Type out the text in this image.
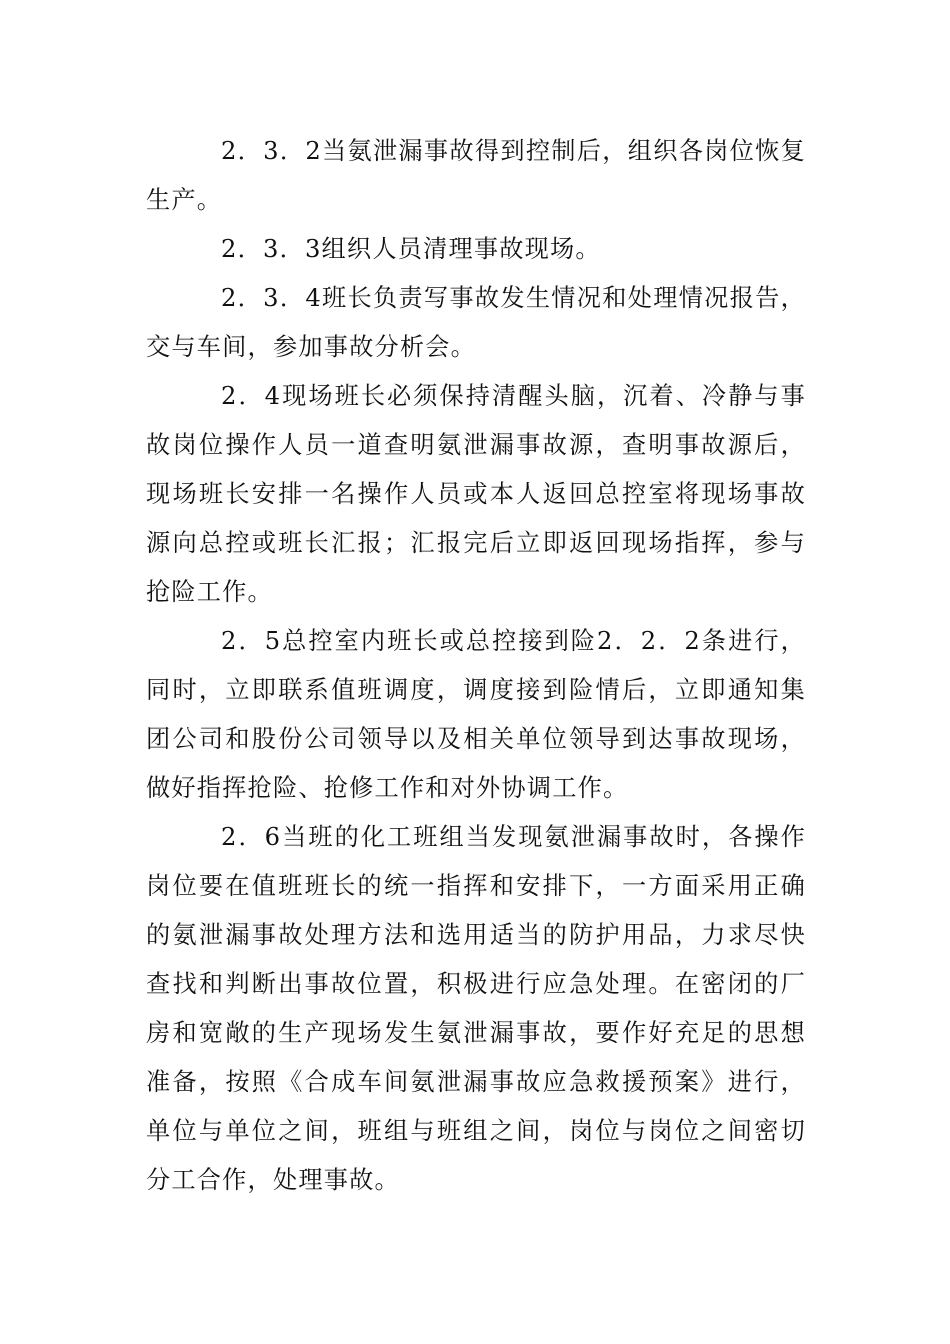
2．3．2当氨泄漏事故得到控制后，组织各岗位恢复生产。

2．3．3组织人员清理事故现场。

2．3．4班长负责写事故发生情况和处理情况报告，交与车间，参加事故分析会。

2．4现场班长必须保持清醒头脑，沉着、冷静与事故岗位操作人员一道查明氨泄漏事故源，查明事故源后，现场班长安排一名操作人员或本人返回总控室将现场事故源向总控或班长汇报；汇报完后立即返回现场指挥，参与抢险工作。

2．5总控室内班长或总控接到险2．2．2条进行，同时，立即联系值班调度，调度接到险情后，立即通知集团公司和股份公司领导以及相关单位领导到达事故现场，做好指挥抢险、抢修工作和对外协调工作。

2．6当班的化工班组当发现氨泄漏事故时，各操作岗位要在值班班长的统一指挥和安排下，一方面采用正确的氨泄漏事故处理方法和选用适当的防护用品，力求尽快查找和判断出事故位置，积极进行应急处理。在密闭的厂房和宽敞的生产现场发生氨泄漏事故，要作好充足的思想准备，按照《合成车间氨泄漏事故应急救援预案》进行，单位与单位之间，班组与班组之间，岗位与岗位之间密切分工合作，处理事故。
